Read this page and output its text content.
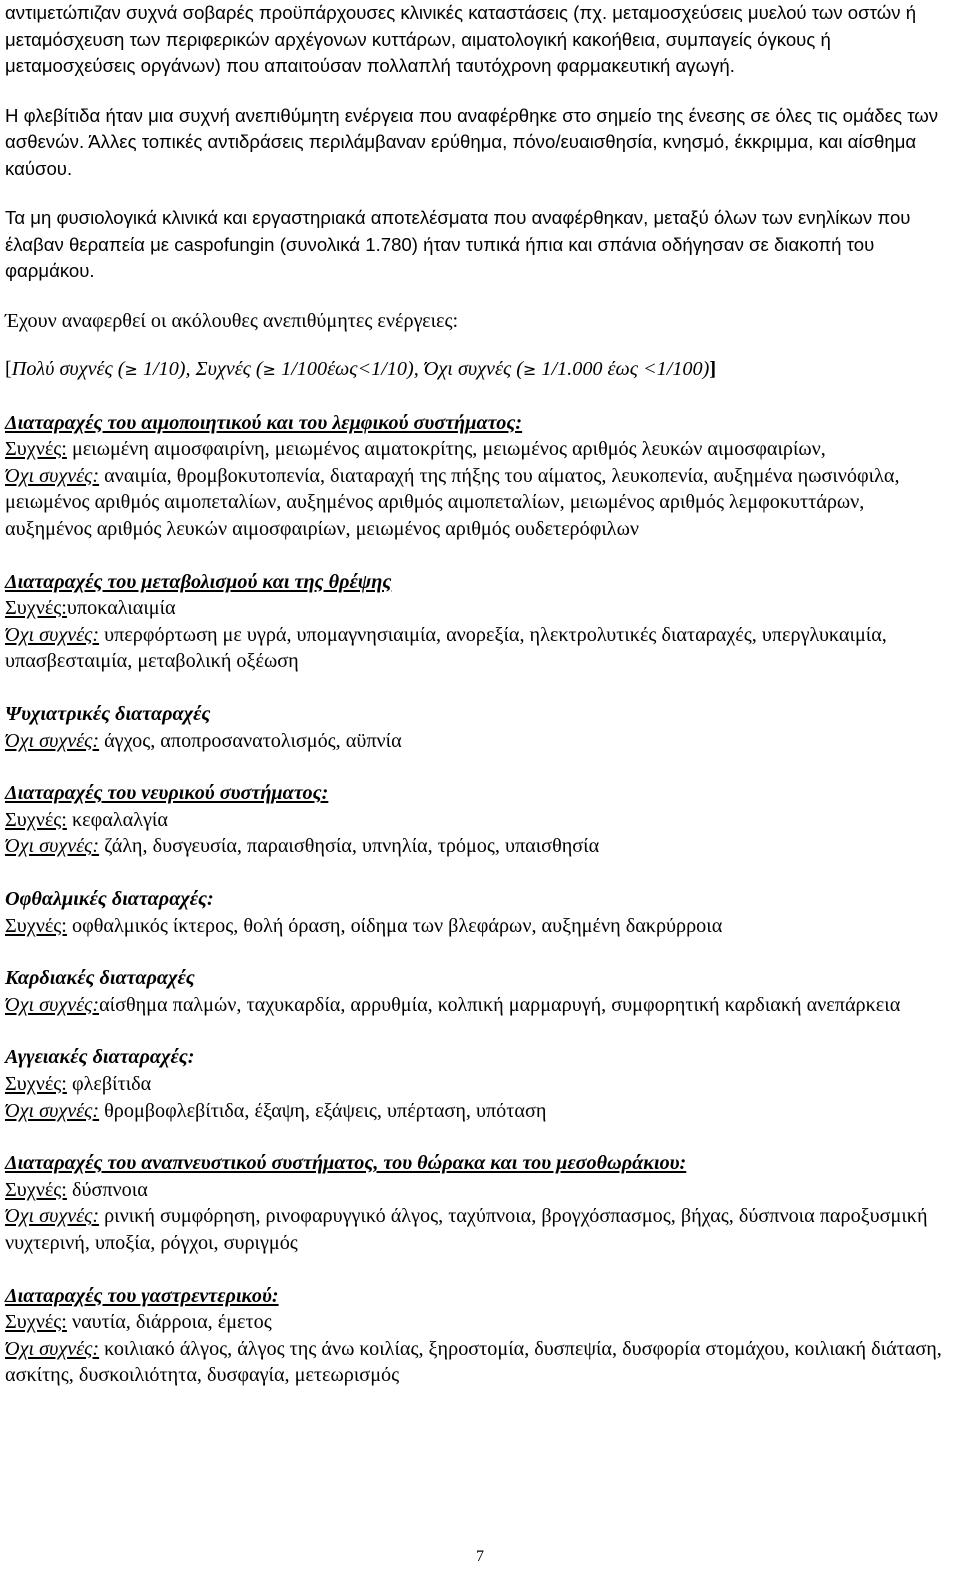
αντιμετώπιζαν συχνά σοβαρές προϋπάρχουσες κλινικές καταστάσεις (πχ. μεταμοσχεύσεις μυελού των οστών ή μεταμόσχευση των περιφερικών αρχέγονων κυττάρων, αιματολογική κακοήθεια, συμπαγείς όγκους ή μεταμοσχεύσεις οργάνων) που απαιτούσαν πολλαπλή ταυτόχρονη φαρμακευτική αγωγή.

Η φλεβίτιδα ήταν μια συχνή ανεπιθύμητη ενέργεια που αναφέρθηκε στο σημείο της ένεσης σε όλες τις ομάδες των ασθενών. Άλλες τοπικές αντιδράσεις περιλάμβαναν ερύθημα, πόνο/ευαισθησία, κνησμό, έκκριμμα, και αίσθημα καύσου.

Τα μη φυσιολογικά κλινικά και εργαστηριακά αποτελέσματα που αναφέρθηκαν, μεταξύ όλων των ενηλίκων που έλαβαν θεραπεία με caspofungin (συνολικά 1.780) ήταν τυπικά ήπια και σπάνια οδήγησαν σε διακοπή του φαρμάκου.

Έχουν αναφερθεί οι ακόλουθες ανεπιθύμητες ενέργειες:

[Πολύ συχνές (≥ 1/10), Συχνές (≥ 1/100έως<1/10), Όχι συχνές (≥ 1/1.000 έως <1/100)]

Διαταραχές του αιμοποιητικού και του λεμφικού συστήματος:
Συχνές: μειωμένη αιμοσφαιρίνη, μειωμένος αιματοκρίτης, μειωμένος αριθμός λευκών αιμοσφαιρίων,
Όχι συχνές: αναιμία, θρομβοκυτοπενία, διαταραχή της πήξης του αίματος, λευκοπενία, αυξημένα ηωσινόφιλα, μειωμένος αριθμός αιμοπεταλίων, αυξημένος αριθμός αιμοπεταλίων, μειωμένος αριθμός λεμφοκυττάρων, αυξημένος αριθμός λευκών αιμοσφαιρίων, μειωμένος αριθμός ουδετερόφιλων
Διαταραχές του μεταβολισμού και της θρέψης
Συχνές:υποκαλιαιμία
Όχι συχνές: υπερφόρτωση με υγρά, υπομαγνησιαιμία, ανορεξία, ηλεκτρολυτικές διαταραχές, υπεργλυκαιμία, υπασβεσταιμία, μεταβολική οξέωση
Ψυχιατρικές διαταραχές
Όχι συχνές: άγχος, αποπροσανατολισμός, αϋπνία
Διαταραχές του νευρικού συστήματος:
Συχνές: κεφαλαλγία
Όχι συχνές: ζάλη, δυσγευσία, παραισθησία, υπνηλία, τρόμος, υπαισθησία
Οφθαλμικές διαταραχές:
Συχνές: οφθαλμικός ίκτερος, θολή όραση, οίδημα των βλεφάρων, αυξημένη δακρύρροια
Καρδιακές διαταραχές
Όχι συχνές:αίσθημα παλμών, ταχυκαρδία, αρρυθμία, κολπική μαρμαρυγή, συμφορητική καρδιακή ανεπάρκεια
Αγγειακές διαταραχές:
Συχνές: φλεβίτιδα
Όχι συχνές: θρομβοφλεβίτιδα, έξαψη, εξάψεις, υπέρταση, υπόταση
Διαταραχές του αναπνευστικού συστήματος, του θώρακα και του μεσοθωράκιου:
Συχνές: δύσπνοια
Όχι συχνές: ρινική συμφόρηση, ρινοφαρυγγικό άλγος, ταχύπνοια, βρογχόσπασμος, βήχας, δύσπνοια παροξυσμική νυχτερινή, υποξία, ρόγχοι, συριγμός
Διαταραχές του γαστρεντερικού:
Συχνές: ναυτία, διάρροια, έμετος
Όχι συχνές: κοιλιακό άλγος, άλγος της άνω κοιλίας, ξηροστομία, δυσπεψία, δυσφορία στομάχου, κοιλιακή διάταση, ασκίτης, δυσκοιλιότητα, δυσφαγία, μετεωρισμός
7
